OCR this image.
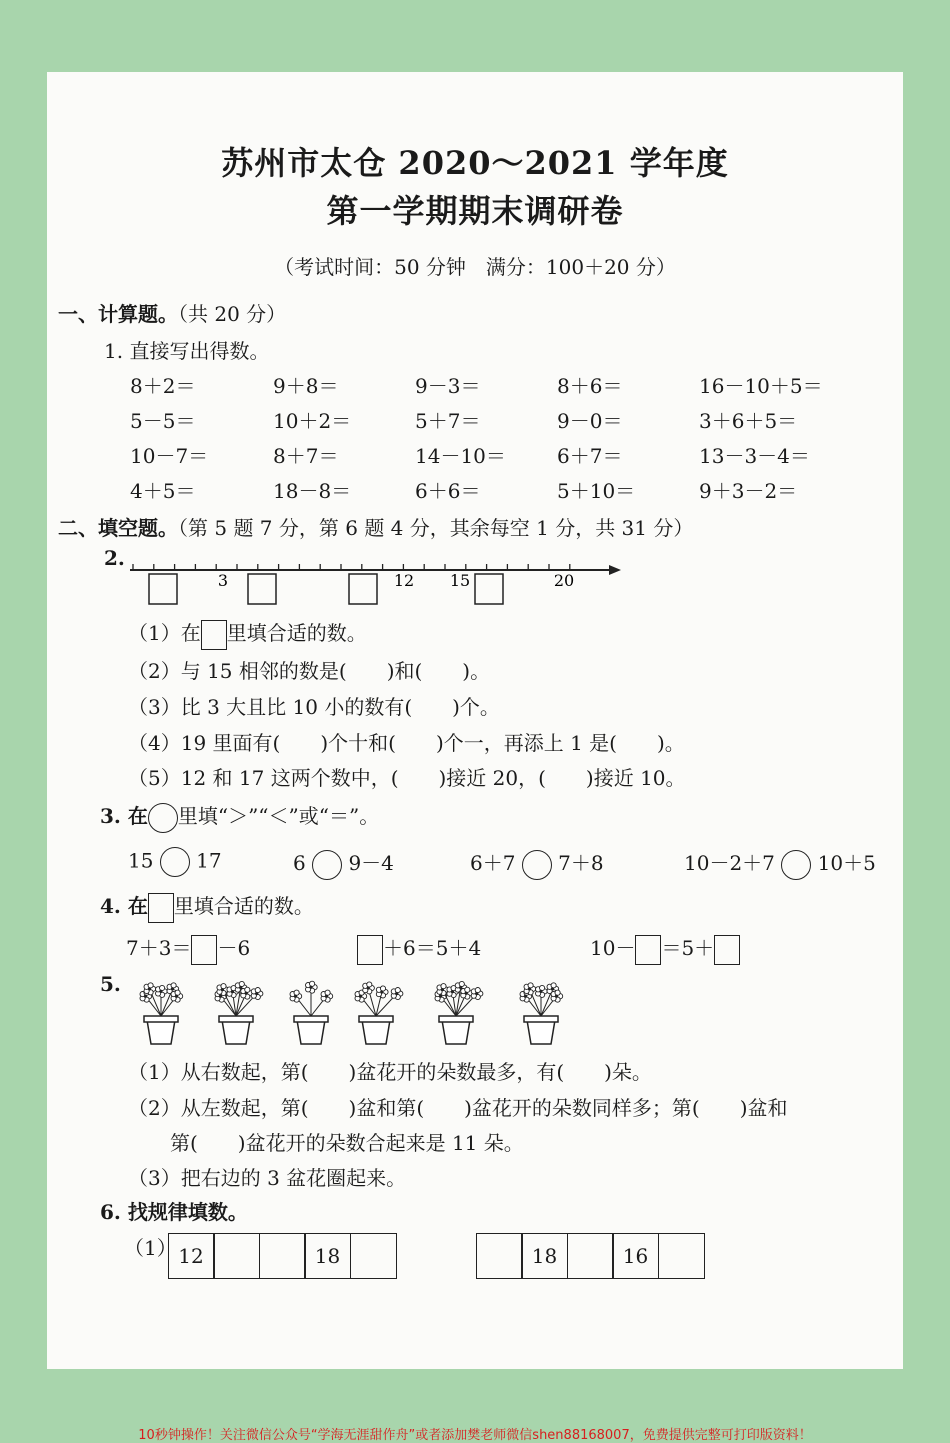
苏州市太仓 2020～2021 学年度
第一学期期末调研卷
（考试时间：50 分钟　满分：100＋20 分）
一、计算题。（共 20 分）
1. 直接写出得数。
8＋2＝	9＋8＝	9－3＝	8＋6＝	16－10＋5＝
5－5＝	10＋2＝	5＋7＝	9－0＝	3＋6＋5＝
10－7＝	8＋7＝	14－10＝	6＋7＝	13－3－4＝
4＋5＝	18－8＝	6＋6＝	5＋10＝	9＋3－2＝
二、填空题。（第 5 题 7 分，第 6 题 4 分，其余每空 1 分，共 31 分）
2.
3	12 15	20
（1）在 里填合适的数。
（2）与 15 相邻的数是(　　)和(　　)。
（3）比 3 大且比 10 小的数有(　　)个。
（4）19 里面有(　　)个十和(　　)个一，再添上 1 是(　　)。
（5）12 和 17 这两个数中，(　　)接近 20，(　　)接近 10。
3. 在 里填“＞”“＜”或“＝”。
15 17	6 9－4	6＋7 7＋8	10－2＋7 10＋5
4. 在 里填合适的数。
7＋3＝ －6	＋6＝5＋4	10－ ＝5＋
5.
（1）从右数起，第(　　)盆花开的朵数最多，有(　　)朵。
（2）从左数起，第(　　)盆和第(　　)盆花开的朵数同样多；第(　　)盆和
第(　　)盆花开的朵数合起来是 11 朵。
（3）把右边的 3 盆花圈起来。
6. 找规律填数。
（1） 12	18	18	16
10秒钟操作！关注微信公众号“学海无涯甜作舟”或者添加樊老师微信shen88168007，免费提供完整可打印版资料！
